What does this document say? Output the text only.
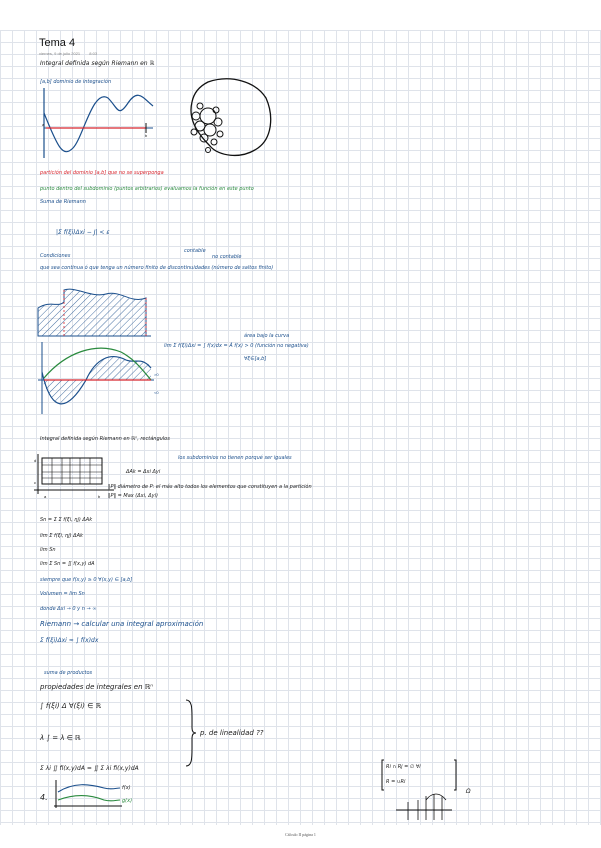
Tema 4
viernes, 9 de julio 2021 8:03
Integral definida según Riemann en ℝ
[a,b] dominio de integración
a
b
partición del dominio [a,b] que no se superponga
punto dentro del subdominio (puntos arbitrarios) evaluamos la función en este punto
Suma de Riemann
|Σ f(ξi)Δxi − J| < ε
contable
no contable
Condiciones
que sea continua ó que tenga un número finito de discontinuidades (número de saltos finito)
>0
<0
área bajo la curva
lim Σ f(ξi)Δxi = ∫ f(x)dx = Á f(x) > 0 (función no negativa)
∀ξ∈[a,b]
Integral definida según Riemann en ℝⁿ, rectángulos
los subdominios no tienen porqué ser iguales
a	b
d
c
ΔAk = Δxi Δyi
‖P‖ diámetro de P: el más alto todos los elementos que constituyen a la partición
‖P‖ = Max (Δxi, Δyi)
Sn = Σ Σ f(ξi, ηj) ΔAk
lim Σ f(ξi, ηj) ΔAk
lim Sn
lim Σ Sn = ∬ f(x,y) dA
siempre que f(x,y) ≥ 0 ∀(x,y) ∈ [a,b]
Volumen = lim Sn
donde Δxi → 0 y n → ∞
Riemann → calcular una integral aproximación
Σ f(ξi)Δxi ≈ ∫ f(x)dx
suma de productos
propiedades de integrales en ℝⁿ
∫ f(ξi) Δ ∀(ξi) ∈ ℝ
λ ∫ = λ ∈ ℝ
p. de linealidad ??
Σ λi ∬ fi(x,y)dA = ∬ Σ λi fi(x,y)dA
4.
f(x)
g(x)
Ri ∩ Rj = ∅ ∀i
R = ∪Ri
Ω
Cálculo II página 1
